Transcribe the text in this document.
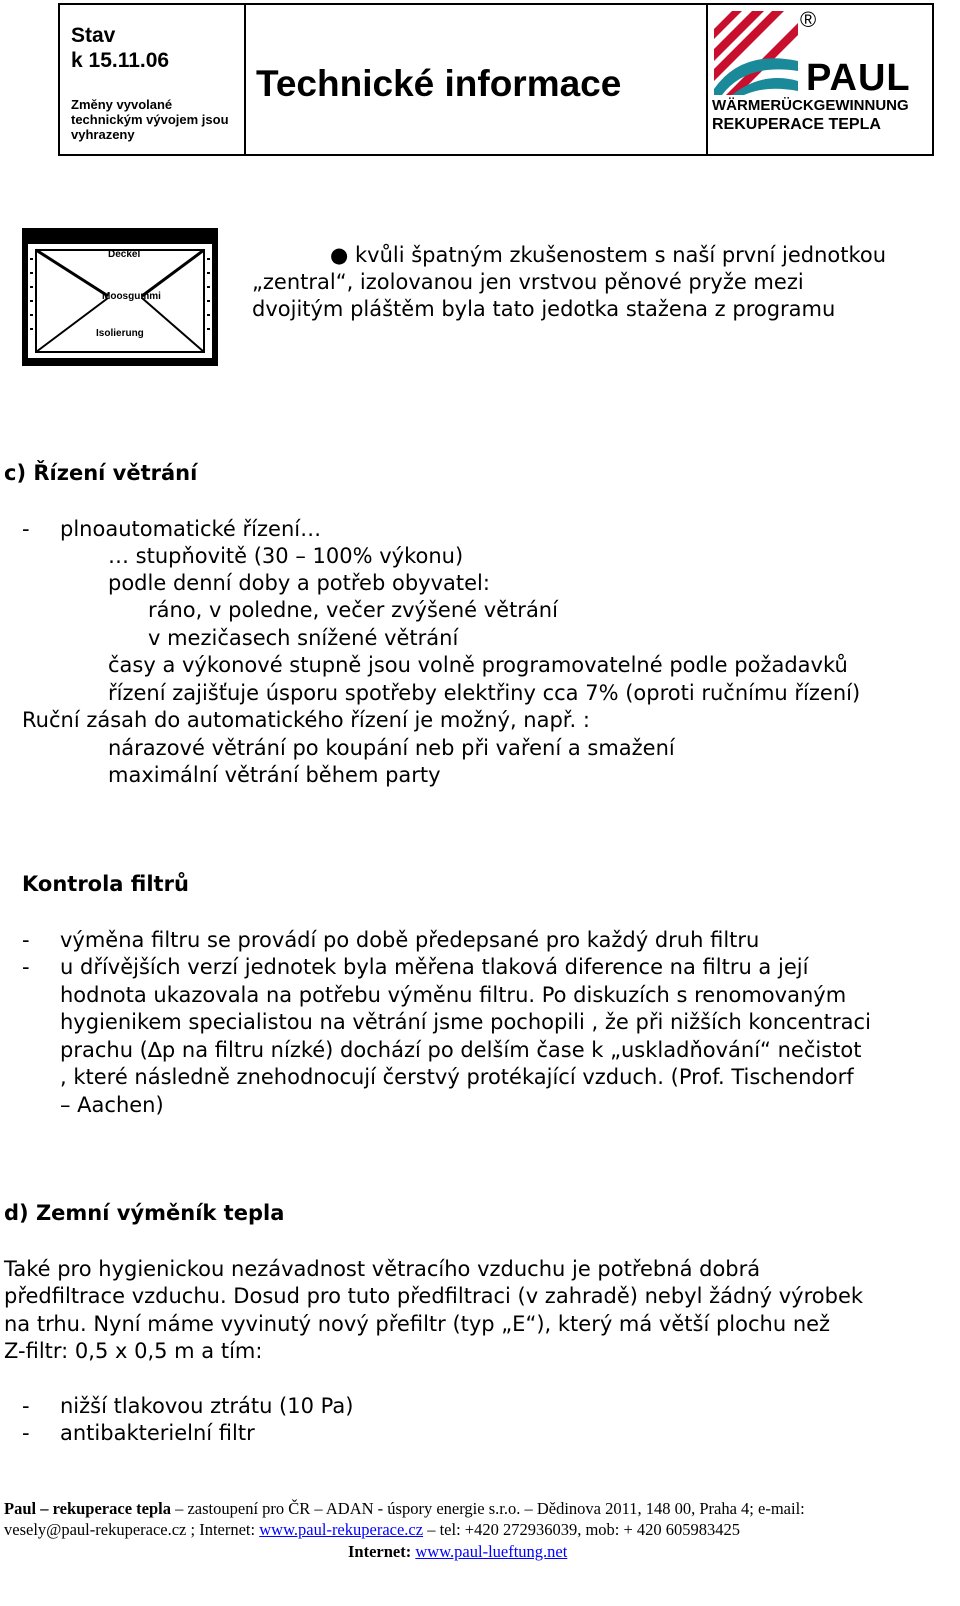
Stav
k 15.11.06
Změny vyvolané technickým vývojem jsou vyhrazeny
Technické informace
®
PAUL
WÄRMERÜCKGEWINNUNG
REKUPERACE TEPLA
Deckel
Moosgummi
Isolierung
● kvůli špatným zkušenostem s naší první jednotkou
„zentral“, izolovanou jen vrstvou pěnové pryže mezi
dvojitým pláštěm byla tato jedotka stažena z programu
c) Řízení větrání
- plnoautomatické řízení…
… stupňovitě (30 – 100% výkonu)
podle denní doby a potřeb obyvatel:
ráno, v poledne, večer zvýšené větrání
v mezičasech snížené větrání
časy a výkonové stupně jsou volně programovatelné podle požadavků
řízení zajišťuje úsporu spotřeby elektřiny cca 7% (oproti ručnímu řízení)
Ruční zásah do automatického řízení je možný, např. :
nárazové větrání po koupání neb při vaření a smažení
maximální větrání během party
Kontrola filtrů
- výměna filtru se provádí po době předepsané pro každý druh filtru
- u dřívějších verzí jednotek byla měřena tlaková diference na filtru a její
hodnota ukazovala na potřebu výměnu filtru. Po diskuzích s renomovaným
hygienikem specialistou na větrání jsme pochopili , že při nižších koncentraci
prachu (∆p na filtru nízké) dochází po delším čase k „uskladňování“ nečistot
, které následně znehodnocují čerstvý protékající vzduch. (Prof. Tischendorf
– Aachen)
d) Zemní výměník tepla
Také pro hygienickou nezávadnost větracího vzduchu je potřebná dobrá
předfiltrace vzduchu. Dosud pro tuto předfiltraci (v zahradě) nebyl žádný výrobek
na trhu. Nyní máme vyvinutý nový přefiltr (typ „E“), který má větší plochu než
Z-filtr: 0,5 x 0,5 m a tím:
- nižší tlakovou ztrátu (10 Pa)
- antibakterielní filtr
Paul – rekuperace tepla – zastoupení pro ČR – ADAN - úspory energie s.r.o. – Dědinova 2011, 148 00, Praha 4; e-mail:
vesely@paul-rekuperace.cz ; Internet: www.paul-rekuperace.cz – tel: +420 272936039, mob: + 420 605983425
Internet: www.paul-lueftung.net
